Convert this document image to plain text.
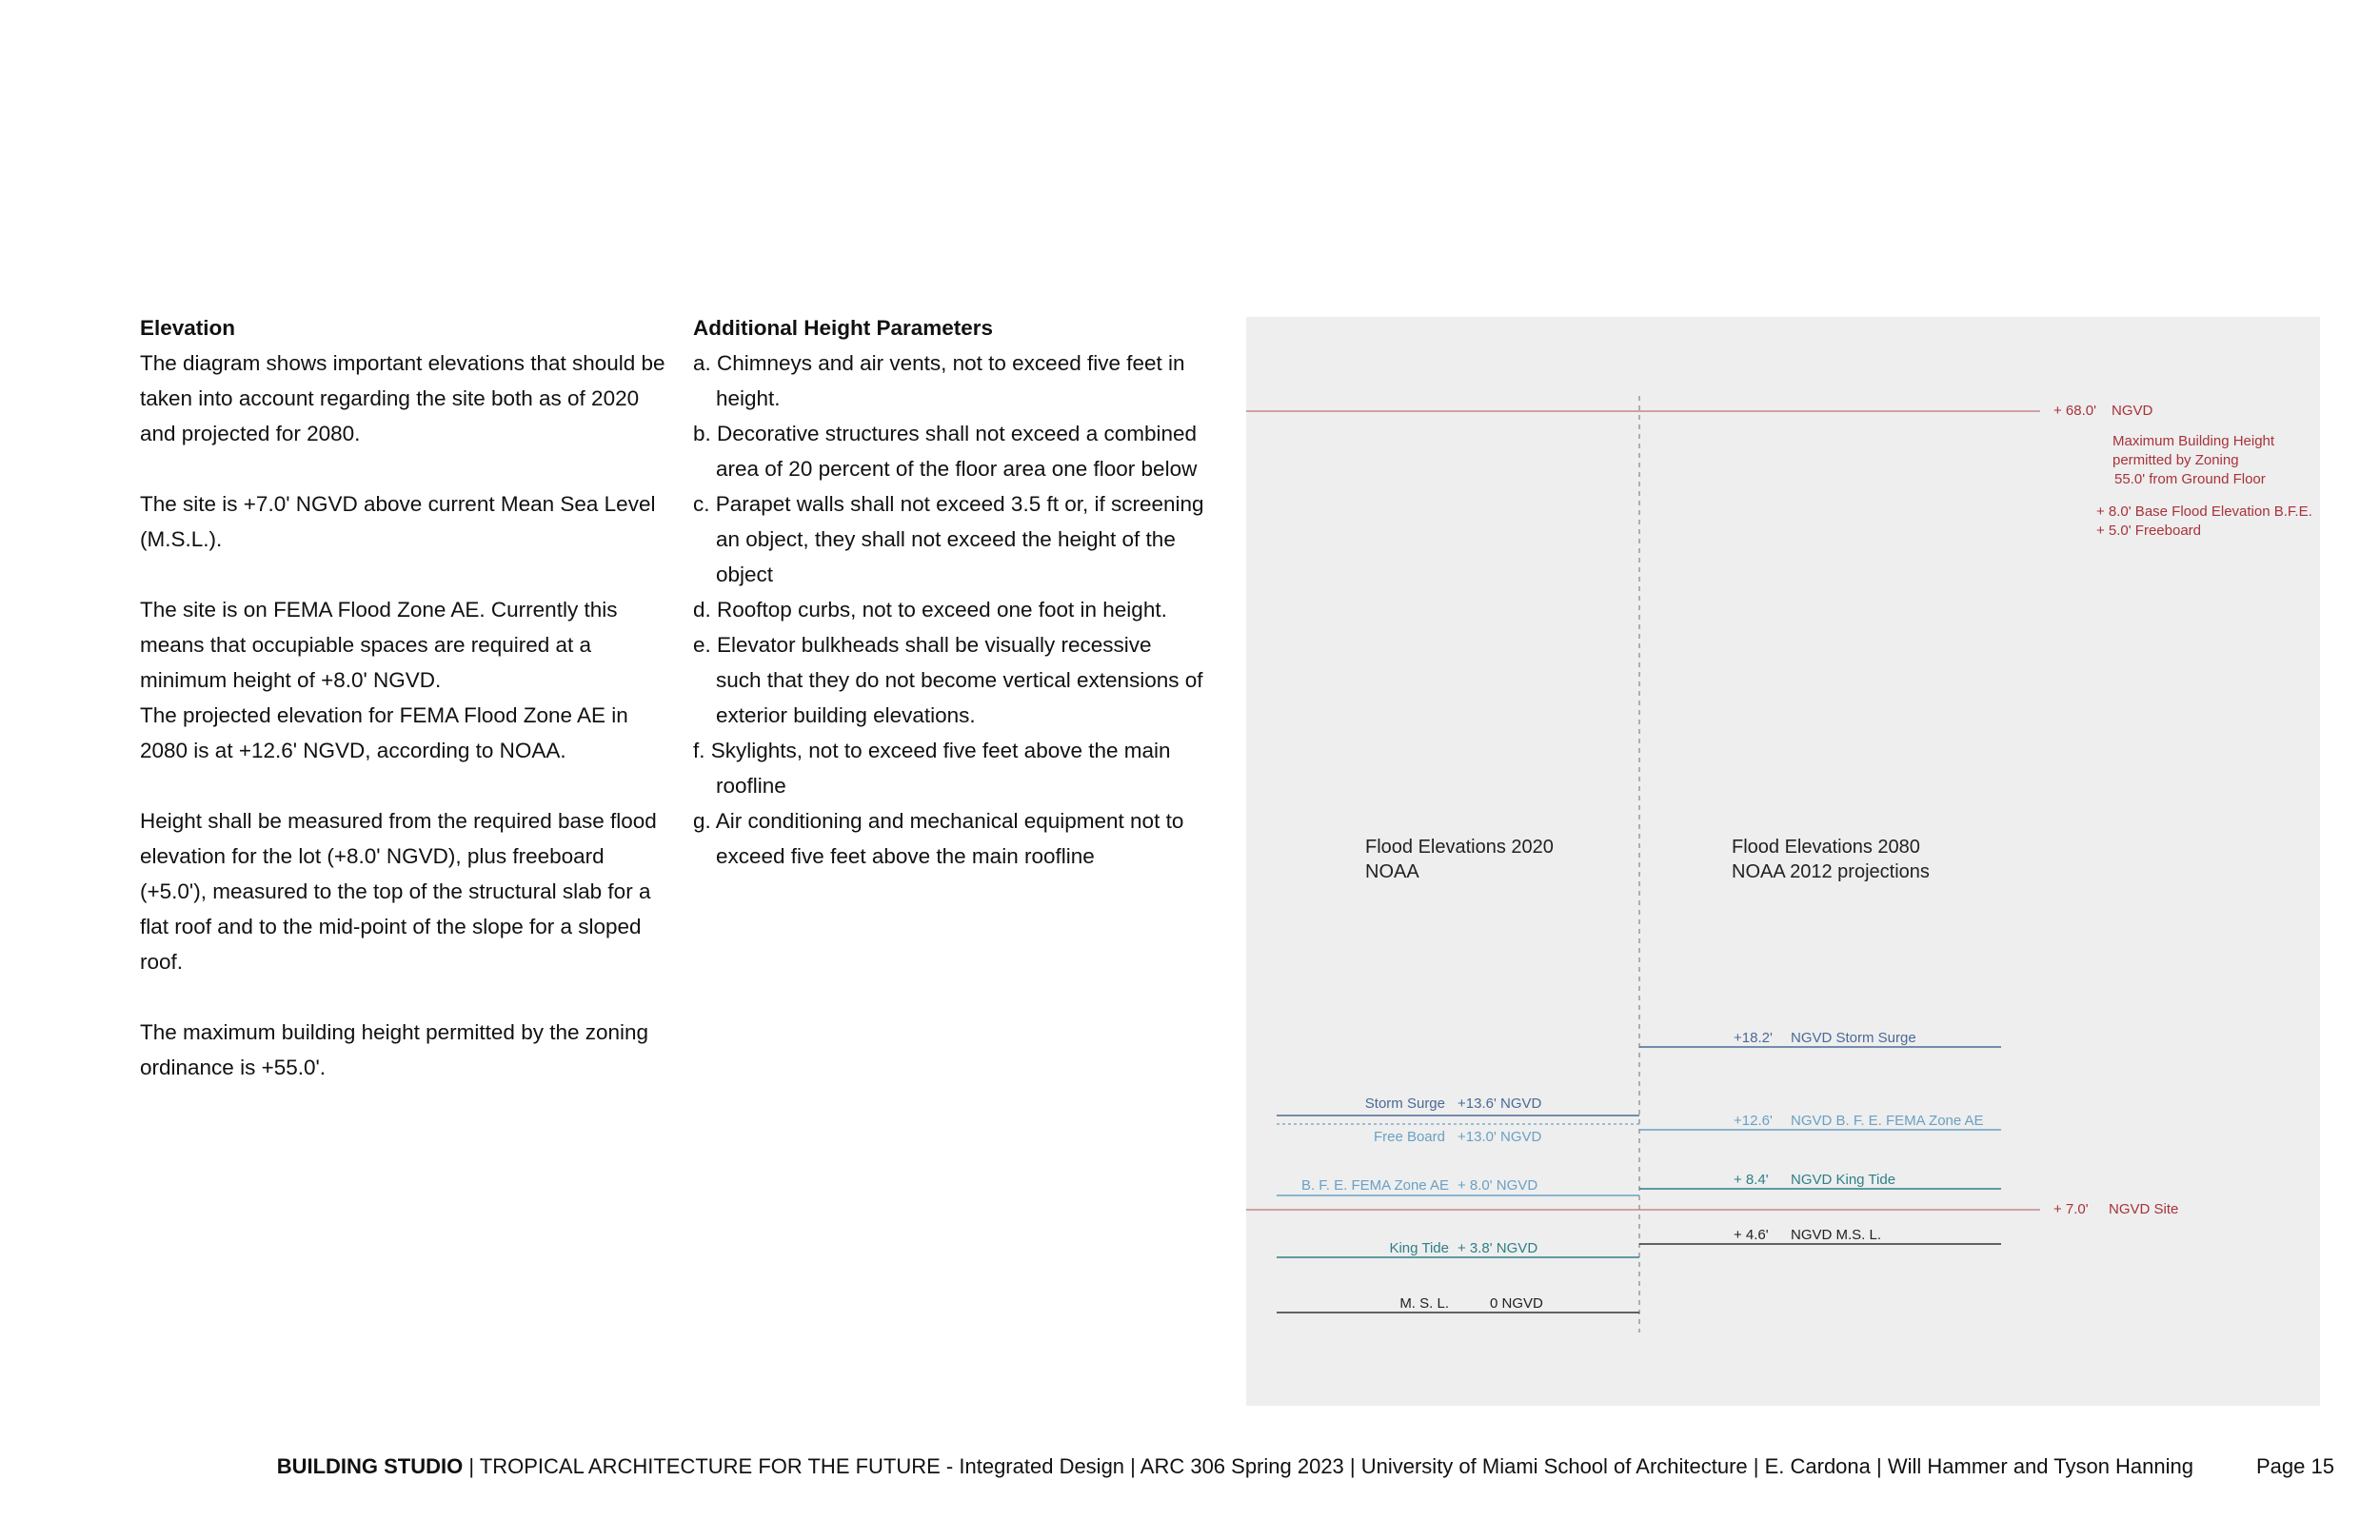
Elevation

The diagram shows important elevations that should be taken into account regarding the site both as of 2020 and projected for 2080.

The site is +7.0' NGVD above current Mean Sea Level (M.S.L.).

The site is on FEMA Flood Zone AE. Currently this means that occupiable spaces are required at a minimum height of +8.0' NGVD.

The projected elevation for FEMA Flood Zone AE in 2080 is at +12.6' NGVD, according to NOAA.

Height shall be measured from the required base flood elevation for the lot (+8.0' NGVD), plus freeboard (+5.0'), measured to the top of the structural slab for a flat roof and to the mid-point of the slope for a sloped roof.

The maximum building height permitted by the zoning ordinance is +55.0'.

Additional Height Parameters

a. Chimneys and air vents, not to exceed five feet in
height.

b. Decorative structures shall not exceed a combined
area of 20 percent of the floor area one floor below

c. Parapet walls shall not exceed 3.5 ft or, if screening
an object, they shall not exceed the height of the
object

d. Rooftop curbs, not to exceed one foot in height.

e. Elevator bulkheads shall be visually recessive
such that they do not become vertical extensions of
exterior building elevations.

f. Skylights, not to exceed five feet above the main
roofline

g. Air conditioning and mechanical equipment not to
exceed five feet above the main roofline

+ 68.0' NGVD
Maximum Building Height
permitted by Zoning
55.0' from Ground Floor
+ 8.0' Base Flood Elevation B.F.E.
+ 5.0' Freeboard
Flood Elevations 2020
NOAA
Flood Elevations 2080
NOAA 2012 projections
+18.2' NGVD Storm Surge
+12.6' NGVD B. F. E. FEMA Zone AE
+ 8.4' NGVD King Tide
+ 4.6' NGVD M.S. L.
+ 7.0' NGVD Site
Storm Surge +13.6' NGVD
Free Board +13.0' NGVD
B. F. E. FEMA Zone AE + 8.0' NGVD
King Tide + 3.8' NGVD
M. S. L.	0 NGVD
BUILDING STUDIO | TROPICAL ARCHITECTURE FOR THE FUTURE - Integrated Design | ARC 306 Spring 2023 | University of Miami School of Architecture | E. Cardona | Will Hammer and Tyson Hanning	Page 15
